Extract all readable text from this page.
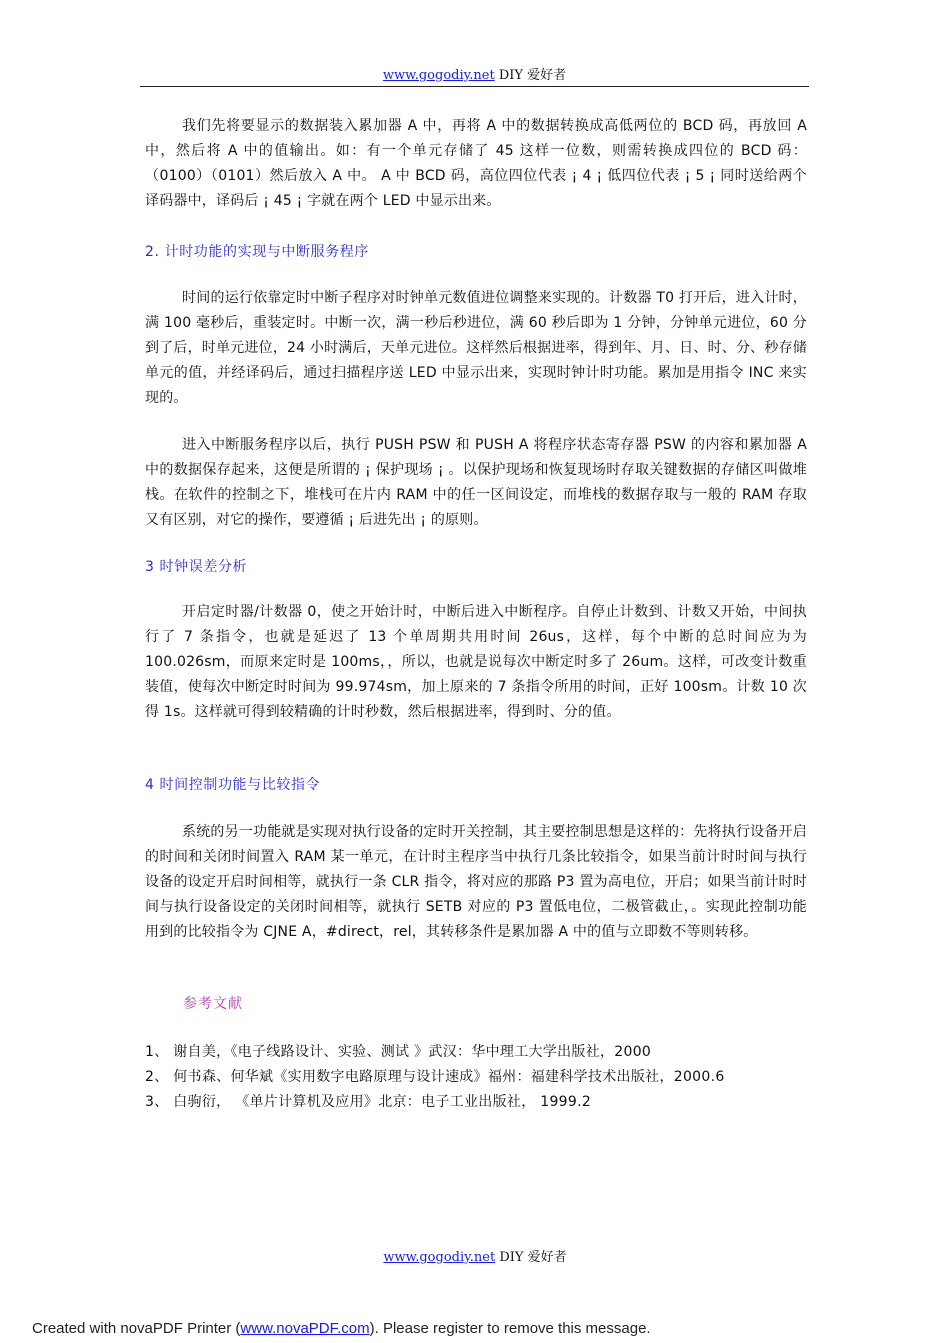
www.gogodiy.net DIY 爱好者
我们先将要显示的数据装入累加器 A 中，再将 A 中的数据转换成高低两位的 BCD 码，再放回 A 中，然后将 A 中的值输出。如：有一个单元存储了 45 这样一位数，则需转换成四位的 BCD 码：（0100）（0101）然后放入 A 中。 A 中 BCD 码，高位四位代表 ¡ 4 ¡ 低四位代表 ¡ 5 ¡ 同时送给两个译码器中，译码后 ¡ 45 ¡ 字就在两个 LED 中显示出来。
2. 计时功能的实现与中断服务程序
时间的运行依靠定时中断子程序对时钟单元数值进位调整来实现的。计数器 T0 打开后，进入计时，满 100 毫秒后，重装定时。中断一次，满一秒后秒进位，满 60 秒后即为 1 分钟，分钟单元进位，60 分到了后，时单元进位，24 小时满后，天单元进位。这样然后根据进率，得到年、月、日、时、分、秒存储单元的值，并经译码后，通过扫描程序送 LED 中显示出来，实现时钟计时功能。累加是用指令 INC 来实现的。
进入中断服务程序以后，执行 PUSH PSW 和 PUSH A 将程序状态寄存器 PSW 的内容和累加器 A 中的数据保存起来，这便是所谓的 ¡ 保护现场 ¡ 。以保护现场和恢复现场时存取关键数据的存储区叫做堆栈。在软件的控制之下，堆栈可在片内 RAM 中的任一区间设定，而堆栈的数据存取与一般的 RAM 存取又有区别，对它的操作，要遵循 ¡ 后进先出 ¡ 的原则。
3 时钟误差分析
开启定时器/计数器 0，使之开始计时，中断后进入中断程序。自停止计数到、计数又开始，中间执行了 7 条指令，也就是延迟了 13 个单周期共用时间 26us，这样，每个中断的总时间应为为 100.026sm，而原来定时是 100ms，，所以，也就是说每次中断定时多了 26um。这样，可改变计数重装值，使每次中断定时时间为 99.974sm，加上原来的 7 条指令所用的时间，正好 100sm。计数 10 次得 1s。这样就可得到较精确的计时秒数，然后根据进率，得到时、分的值。
4 时间控制功能与比较指令
系统的另一功能就是实现对执行设备的定时开关控制，其主要控制思想是这样的：先将执行设备开启的时间和关闭时间置入 RAM 某一单元，在计时主程序当中执行几条比较指令，如果当前计时时间与执行设备的设定开启时间相等，就执行一条 CLR 指令，将对应的那路 P3 置为高电位，开启；如果当前计时时间与执行设备设定的关闭时间相等，就执行 SETB 对应的 P3 置低电位，二极管截止，。实现此控制功能用到的比较指令为 CJNE A，#direct，rel，其转移条件是累加器 A 中的值与立即数不等则转移。
参考文献
1、 谢自美，《电子线路设计、实验、测试 》武汉：华中理工大学出版社，2000
2、 何书森、何华斌《实用数字电路原理与设计速成》福州：福建科学技术出版社，2000.6
3、 白驹衍， 《单片计算机及应用》北京：电子工业出版社， 1999.2
www.gogodiy.net DIY 爱好者
Created with novaPDF Printer (www.novaPDF.com). Please register to remove this message.
